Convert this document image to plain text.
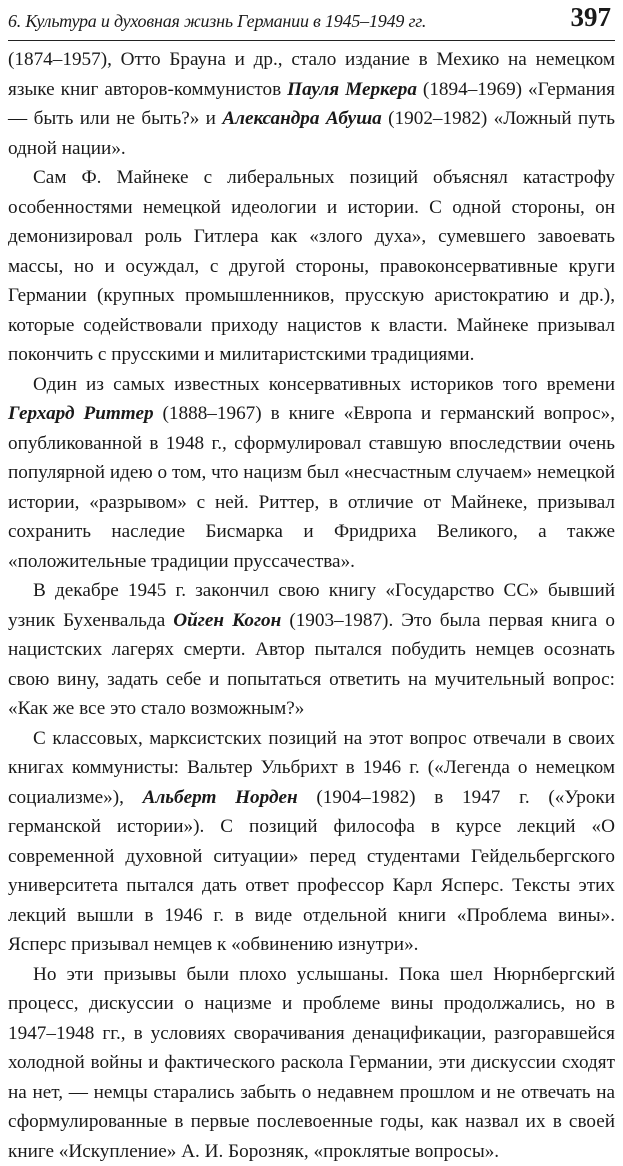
6. Культура и духовная жизнь Германии в 1945–1949 гг.	397

(1874–1957), Отто Брауна и др., стало издание в Мехико на немецком языке книг авторов-коммунистов Пауля Меркера (1894–1969) «Германия — быть или не быть?» и Александра Абуша (1902–1982) «Ложный путь одной нации».

Сам Ф. Майнеке с либеральных позиций объяснял катастрофу особенностями немецкой идеологии и истории. С одной стороны, он демонизировал роль Гитлера как «злого духа», сумевшего завоевать массы, но и осуждал, с другой стороны, правоконсервативные круги Германии (крупных промышленников, прусскую аристократию и др.), которые содействовали приходу нацистов к власти. Майнеке призывал покончить с прусскими и милитаристскими традициями.

Один из самых известных консервативных историков того времени Герхард Риттер (1888–1967) в книге «Европа и германский вопрос», опубликованной в 1948 г., сформулировал ставшую впоследствии очень популярной идею о том, что нацизм был «несчастным случаем» немецкой истории, «разрывом» с ней. Риттер, в отличие от Майнеке, призывал сохранить наследие Бисмарка и Фридриха Великого, а также «положительные традиции пруссачества».

В декабре 1945 г. закончил свою книгу «Государство СС» бывший узник Бухенвальда Ойген Когон (1903–1987). Это была первая книга о нацистских лагерях смерти. Автор пытался побудить немцев осознать свою вину, задать себе и попытаться ответить на мучительный вопрос: «Как же все это стало возможным?»

С классовых, марксистских позиций на этот вопрос отвечали в своих книгах коммунисты: Вальтер Ульбрихт в 1946 г. («Легенда о немецком социализме»), Альберт Норден (1904–1982) в 1947 г. («Уроки германской истории»). С позиций философа в курсе лекций «О современной духовной ситуации» перед студентами Гейдельбергского университета пытался дать ответ профессор Карл Ясперс. Тексты этих лекций вышли в 1946 г. в виде отдельной книги «Проблема вины». Ясперс призывал немцев к «обвинению изнутри».

Но эти призывы были плохо услышаны. Пока шел Нюрнбергский процесс, дискуссии о нацизме и проблеме вины продолжались, но в 1947–1948 гг., в условиях сворачивания денацификации, разгоравшейся холодной войны и фактического раскола Германии, эти дискуссии сходят на нет, — немцы старались забыть о недавнем прошлом и не отвечать на сформулированные в первые послевоенные годы, как назвал их в своей книге «Искупление» А. И. Борозняк, «проклятые вопросы».
